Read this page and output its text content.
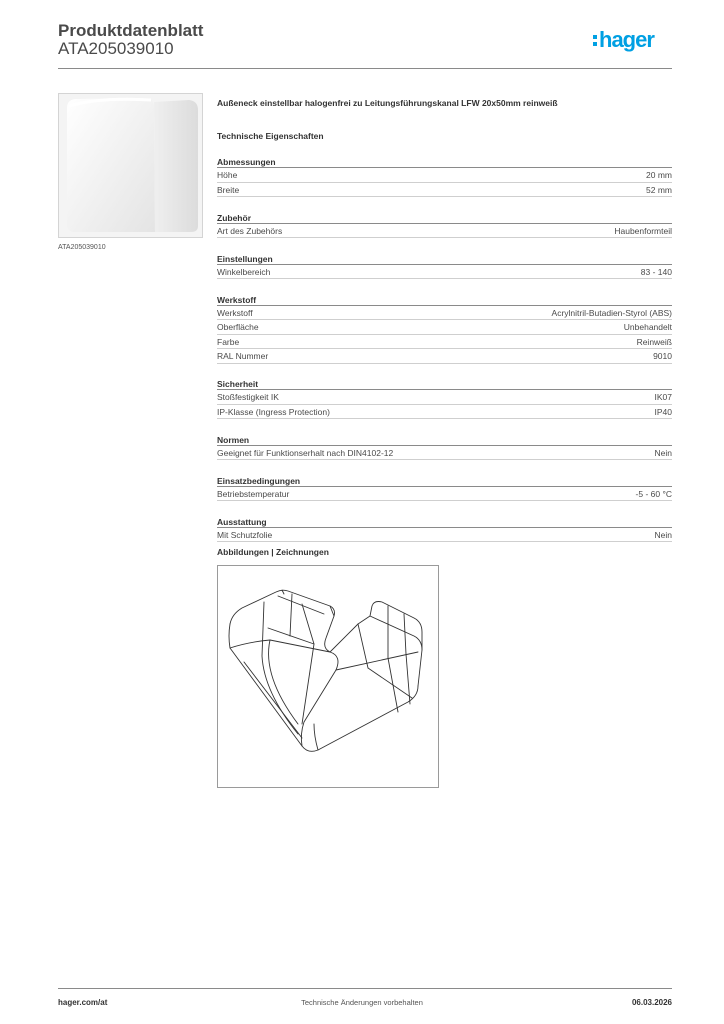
Produktdatenblatt
ATA205039010	hager
ATA205039010
Außeneck einstellbar halogenfrei zu Leitungsführungskanal LFW 20x50mm reinweiß
Technische Eigenschaften
Abmessungen
Höhe	20 mm
Breite	52 mm
Zubehör
Art des Zubehörs	Haubenformteil
Einstellungen
Winkelbereich	83 - 140
Werkstoff
Werkstoff	Acrylnitril-Butadien-Styrol (ABS)
Oberfläche	Unbehandelt
Farbe	Reinweiß
RAL Nummer	9010
Sicherheit
Stoßfestigkeit IK	IK07
IP-Klasse (Ingress Protection)	IP40
Normen
Geeignet für Funktionserhalt nach DIN4102-12	Nein
Einsatzbedingungen
Betriebstemperatur	-5 - 60 °C
Ausstattung
Mit Schutzfolie	Nein
Abbildungen | Zeichnungen
hager.com/at	Technische Änderungen vorbehalten	06.03.2026
